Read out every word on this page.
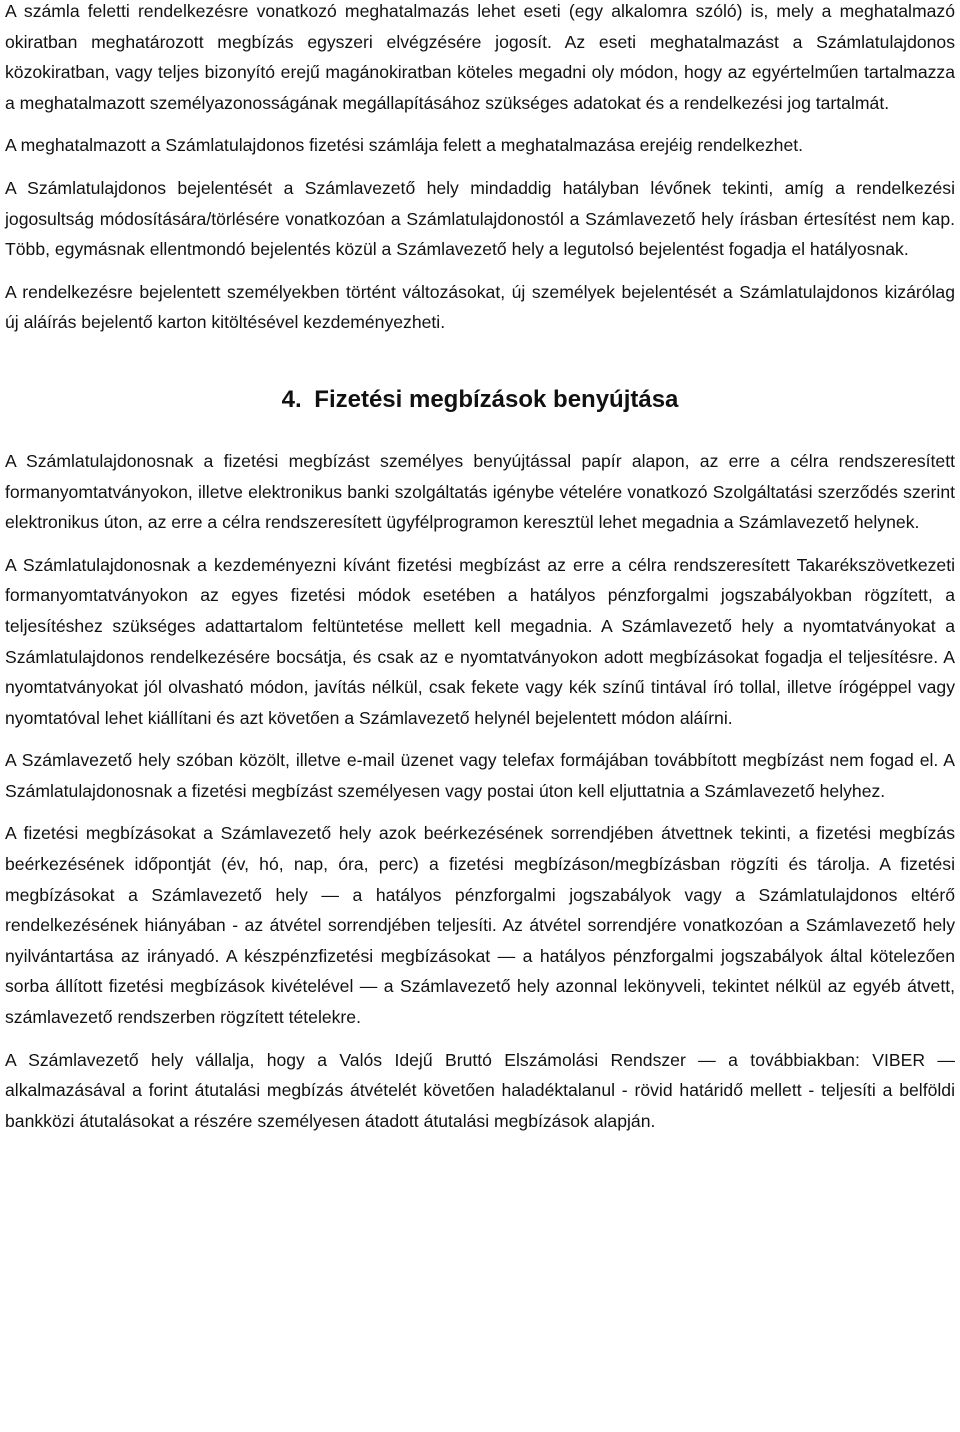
A számla feletti rendelkezésre vonatkozó meghatalmazás lehet eseti (egy alkalomra szóló) is, mely a meghatalmazó okiratban meghatározott megbízás egyszeri elvégzésére jogosít. Az eseti meghatalmazást a Számlatulajdonos közokiratban, vagy teljes bizonyító erejű magánokiratban köteles megadni oly módon, hogy az egyértelműen tartalmazza a meghatalmazott személyazonosságának megállapításához szükséges adatokat és a rendelkezési jog tartalmát.

A meghatalmazott a Számlatulajdonos fizetési számlája felett a meghatalmazása erejéig rendelkezhet.

A Számlatulajdonos bejelentését a Számlavezető hely mindaddig hatályban lévőnek tekinti, amíg a rendelkezési jogosultság módosítására/törlésére vonatkozóan a Számlatulajdonostól a Számlavezető hely írásban értesítést nem kap. Több, egymásnak ellentmondó bejelentés közül a Számlavezető hely a legutolsó bejelentést fogadja el hatályosnak.

A rendelkezésre bejelentett személyekben történt változásokat, új személyek bejelentését a Számlatulajdonos kizárólag új aláírás bejelentő karton kitöltésével kezdeményezheti.

4. Fizetési megbízások benyújtása

A Számlatulajdonosnak a fizetési megbízást személyes benyújtással papír alapon, az erre a célra rendszeresített formanyomtatványokon, illetve elektronikus banki szolgáltatás igénybe vételére vonatkozó Szolgáltatási szerződés szerint elektronikus úton, az erre a célra rendszeresített ügyfélprogramon keresztül lehet megadnia a Számlavezető helynek.

A Számlatulajdonosnak a kezdeményezni kívánt fizetési megbízást az erre a célra rendszeresített Takarékszövetkezeti formanyomtatványokon az egyes fizetési módok esetében a hatályos pénzforgalmi jogszabályokban rögzített, a teljesítéshez szükséges adattartalom feltüntetése mellett kell megadnia. A Számlavezető hely a nyomtatványokat a Számlatulajdonos rendelkezésére bocsátja, és csak az e nyomtatványokon adott megbízásokat fogadja el teljesítésre. A nyomtatványokat jól olvasható módon, javítás nélkül, csak fekete vagy kék színű tintával író tollal, illetve írógéppel vagy nyomtatóval lehet kiállítani és azt követően a Számlavezető helynél bejelentett módon aláírni.

A Számlavezető hely szóban közölt, illetve e-mail üzenet vagy telefax formájában továbbított megbízást nem fogad el. A Számlatulajdonosnak a fizetési megbízást személyesen vagy postai úton kell eljuttatnia a Számlavezető helyhez.

A fizetési megbízásokat a Számlavezető hely azok beérkezésének sorrendjében átvettnek tekinti, a fizetési megbízás beérkezésének időpontját (év, hó, nap, óra, perc) a fizetési megbízáson/megbízásban rögzíti és tárolja. A fizetési megbízásokat a Számlavezető hely — a hatályos pénzforgalmi jogszabályok vagy a Számlatulajdonos eltérő rendelkezésének hiányában - az átvétel sorrendjében teljesíti. Az átvétel sorrendjére vonatkozóan a Számlavezető hely nyilvántartása az irányadó. A készpénzfizetési megbízásokat — a hatályos pénzforgalmi jogszabályok által kötelezően sorba állított fizetési megbízások kivételével — a Számlavezető hely azonnal lekönyveli, tekintet nélkül az egyéb átvett, számlavezető rendszerben rögzített tételekre.

A Számlavezető hely vállalja, hogy a Valós Idejű Bruttó Elszámolási Rendszer — a továbbiakban: VIBER — alkalmazásával a forint átutalási megbízás átvételét követően haladéktalanul - rövid határidő mellett - teljesíti a belföldi bankközi átutalásokat a részére személyesen átadott átutalási megbízások alapján.
